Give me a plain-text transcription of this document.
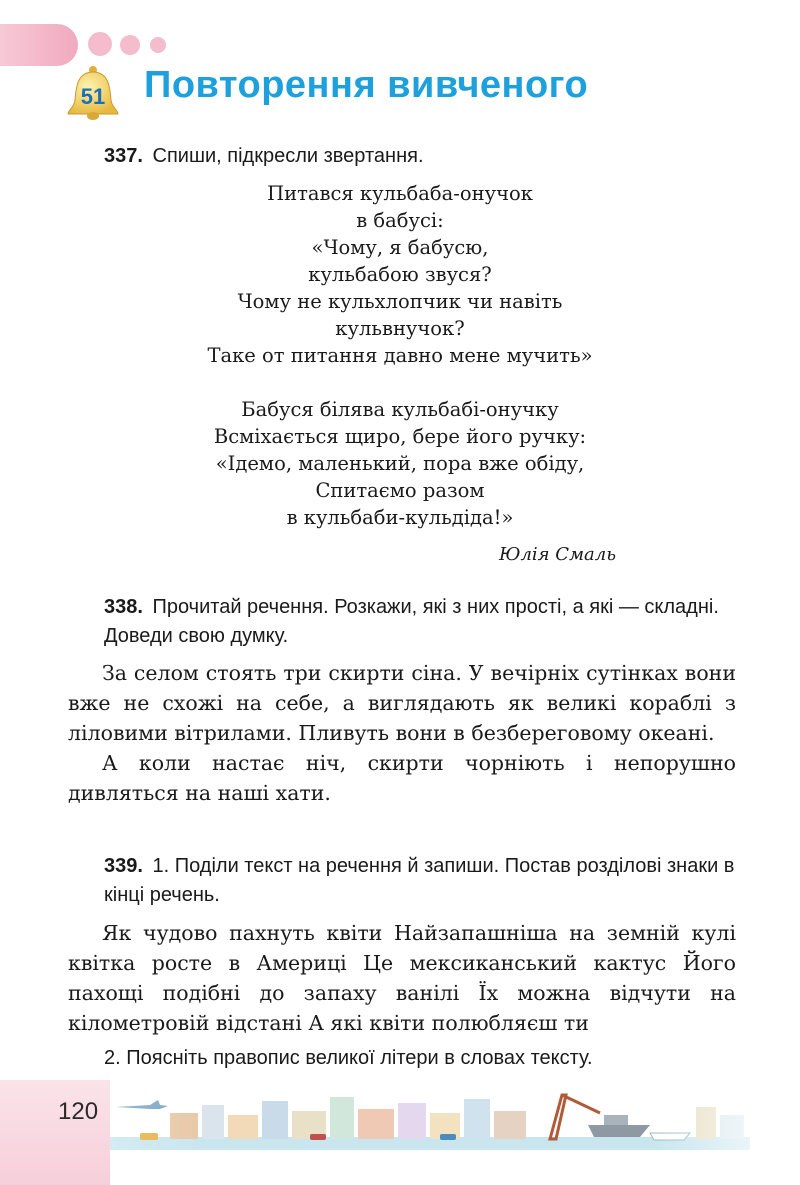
51	Повторення вивченого
337. Спиши, підкресли звертання.
Питався кульбаба-онучок
в бабусі:
«Чому, я бабусю,
кульбабою звуся?
Чому не кульхлопчик чи навіть
кульвнучок?
Таке от питання давно мене мучить»
Бабуся білява кульбабі-онучку
Всміхається щиро, бере його ручку:
«Ідемо, маленький, пора вже обіду,
Спитаємо разом
в кульбаби-кульдіда!»
Юлія Смаль
338. Прочитай речення. Розкажи, які з них прості, а які — складні. Доведи свою думку.

За селом стоять три скирти сіна. У вечірніх сутінках вони вже не схожі на себе, а виглядають як великі кораблі з ліловими вітрилами. Пливуть вони в безбереговому океані.

А коли настає ніч, скирти чорніють і непорушно дивляться на наші хати.

339. 1. Поділи текст на речення й запиши. Постав розділові знаки в кінці речень.

Як чудово пахнуть квіти Найзапашніша на земній кулі квітка росте в Америці Це мексиканський кактус Його пахощі подібні до запаху ванілі Їх можна відчути на кілометровій відстані А які квіти полюбляєш ти

2. Поясніть правопис великої літери в словах тексту.
120
